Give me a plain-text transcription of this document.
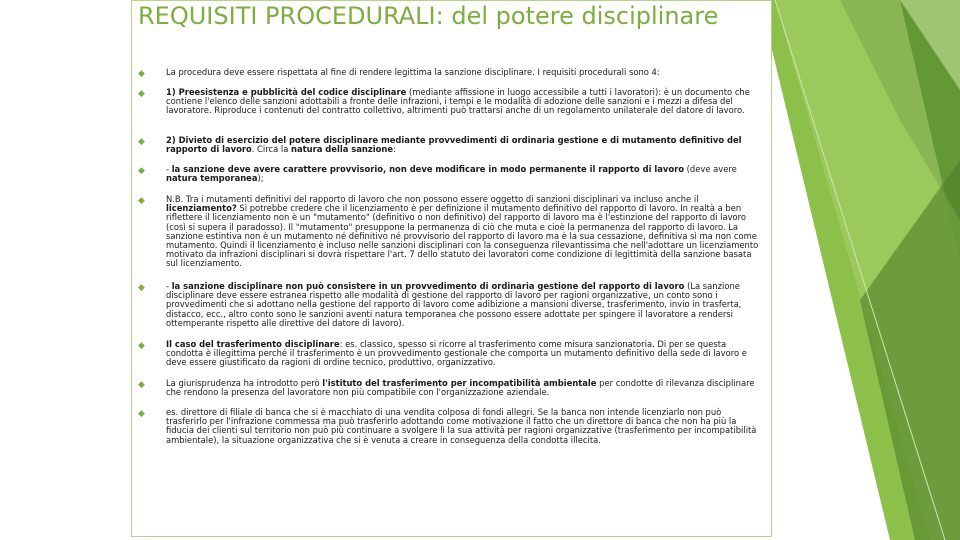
REQUISITI PROCEDURALI: del potere disciplinare
◆	La procedura deve essere rispettata al fine di rendere legittima la sanzione disciplinare. I requisiti procedurali sono 4:
◆	1) Preesistenza e pubblicità del codice disciplinare (mediante affissione in luogo accessibile a tutti i lavoratori): è un documento che contiene l'elenco delle sanzioni adottabili a fronte delle infrazioni, i tempi e le modalità di adozione delle sanzioni e i mezzi a difesa del lavoratore. Riproduce i contenuti del contratto collettivo, altrimenti può trattarsi anche di un regolamento unilaterale del datore di lavoro.
◆	2) Divieto di esercizio del potere disciplinare mediante provvedimenti di ordinaria gestione e di mutamento definitivo del rapporto di lavoro. Circa la natura della sanzione:
◆	- la sanzione deve avere carattere provvisorio, non deve modificare in modo permanente il rapporto di lavoro (deve avere natura temporanea);
◆	N.B. Tra i mutamenti definitivi del rapporto di lavoro che non possono essere oggetto di sanzioni disciplinari va incluso anche il licenziamento? Si potrebbe credere che il licenziamento è per definizione il mutamento definitivo del rapporto di lavoro. In realtà a ben riflettere il licenziamento non è un "mutamento" (definitivo o non definitivo) del rapporto di lavoro ma è l'estinzione del rapporto di lavoro (così si supera il paradosso). Il "mutamento" presuppone la permanenza di ciò che muta e cioè la permanenza del rapporto di lavoro. La sanzione estintiva non è un mutamento né definitivo né provvisorio del rapporto di lavoro ma è la sua cessazione, definitiva sì ma non come mutamento. Quindi il licenziamento è incluso nelle sanzioni disciplinari con la conseguenza rilevantissima che nell'adottare un licenziamento motivato da infrazioni disciplinari si dovrà rispettare l'art. 7 dello statuto dei lavoratori come condizione di legittimità della sanzione basata sul licenziamento.
◆	- la sanzione disciplinare non può consistere in un provvedimento di ordinaria gestione del rapporto di lavoro (La sanzione disciplinare deve essere estranea rispetto alle modalità di gestione del rapporto di lavoro per ragioni organizzative, un conto sono i provvedimenti che si adottano nella gestione del rapporto di lavoro come adibizione a mansioni diverse, trasferimento, invio in trasferta, distacco, ecc., altro conto sono le sanzioni aventi natura temporanea che possono essere adottate per spingere il lavoratore a rendersi ottemperante rispetto alle direttive del datore di lavoro).
◆	Il caso del trasferimento disciplinare: es. classico, spesso si ricorre al trasferimento come misura sanzionatoria. Di per se questa condotta è illegittima perché il trasferimento è un provvedimento gestionale che comporta un mutamento definitivo della sede di lavoro e deve essere giustificato da ragioni di ordine tecnico, produttivo, organizzativo.
◆	La giurisprudenza ha introdotto però l'istituto del trasferimento per incompatibilità ambientale per condotte di rilevanza disciplinare che rendono la presenza del lavoratore non più compatibile con l'organizzazione aziendale.
◆	es. direttore di filiale di banca che si è macchiato di una vendita colposa di fondi allegri. Se la banca non intende licenziarlo non può trasferirlo per l'infrazione commessa ma può trasferirlo adottando come motivazione il fatto che un direttore di banca che non ha più la fiducia dei clienti sul territorio non può più continuare a svolgere lì la sua attività per ragioni organizzative (trasferimento per incompatibilità ambientale), la situazione organizzativa che si è venuta a creare in conseguenza della condotta illecita.
